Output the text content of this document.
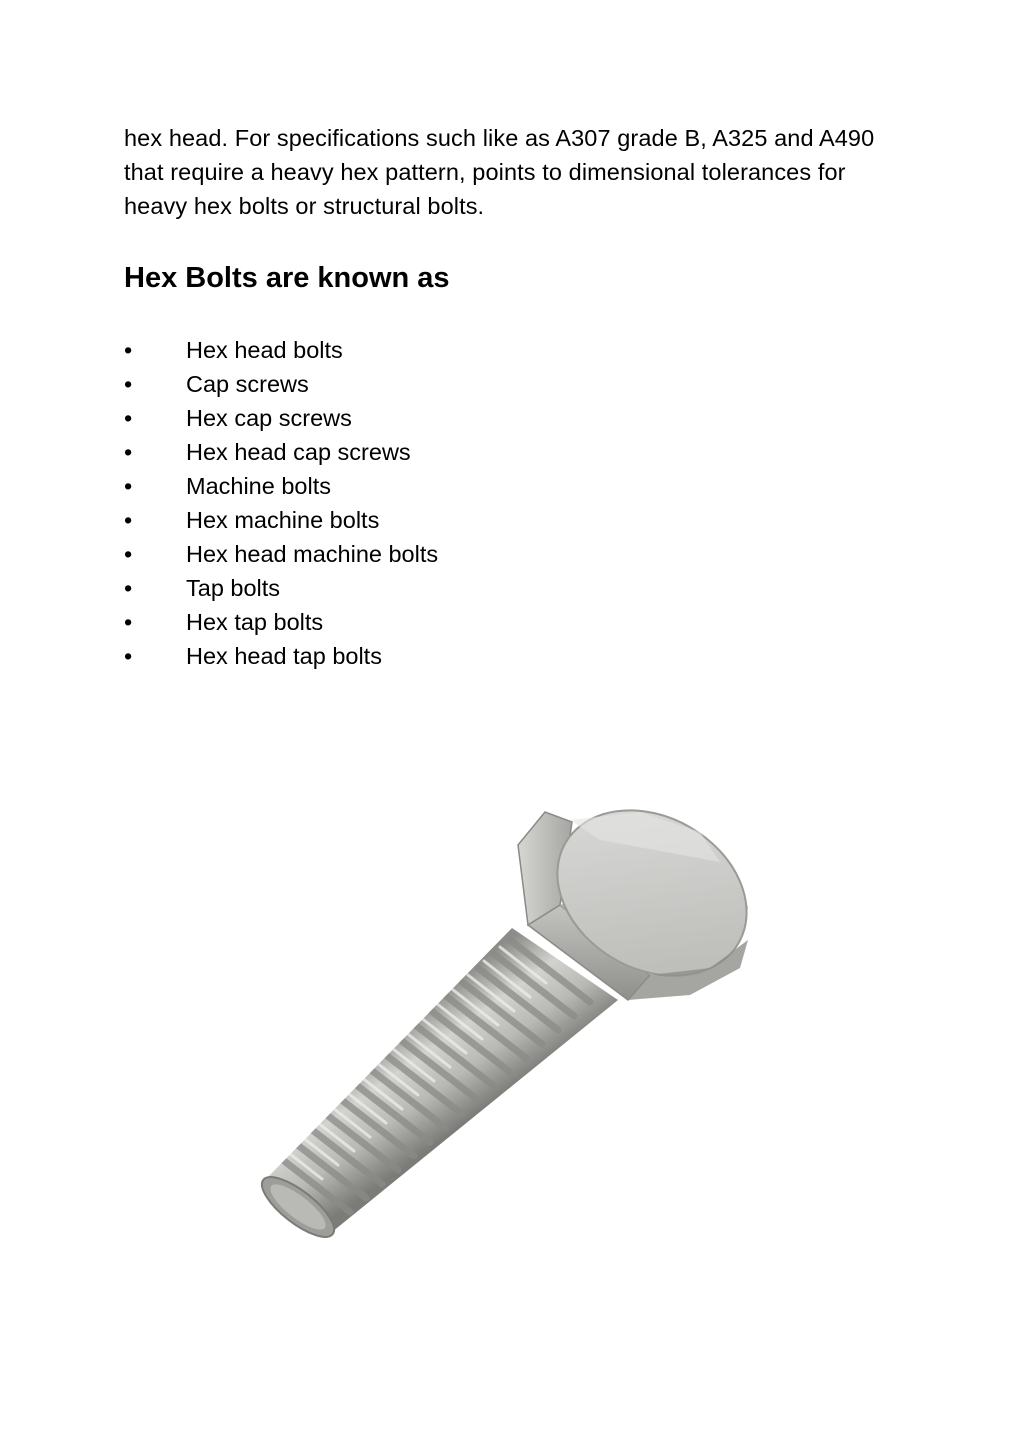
hex head. For specifications such like as A307 grade B, A325 and A490 that require a heavy hex pattern, points to dimensional tolerances for heavy hex bolts or structural bolts.

Hex Bolts are known as
•	Hex head bolts
•	Cap screws
•	Hex cap screws
•	Hex head cap screws
•	Machine bolts
•	Hex machine bolts
•	Hex head machine bolts
•	Tap bolts
•	Hex tap bolts
•	Hex head tap bolts
